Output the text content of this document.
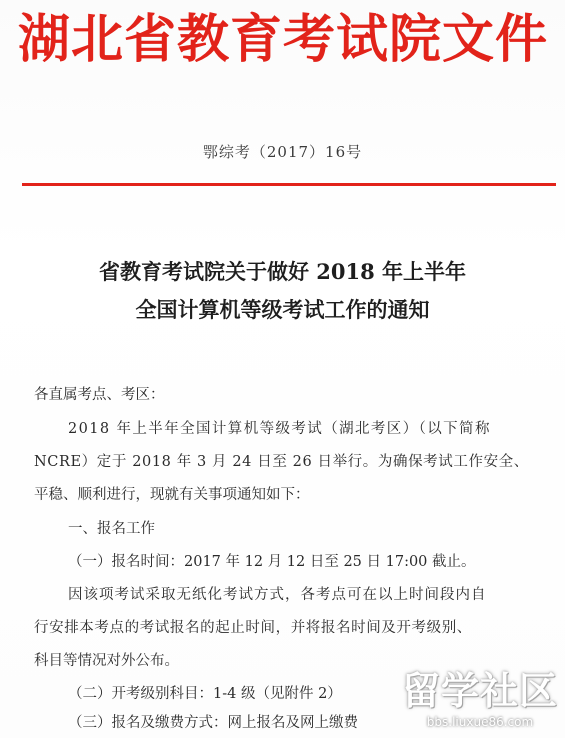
湖北省教育考试院文件
鄂综考（2017）16号
省教育考试院关于做好 2018 年上半年
全国计算机等级考试工作的通知
各直属考点、考区：
2018 年上半年全国计算机等级考试（湖北考区）（以下简称
NCRE）定于 2018 年 3 月 24 日至 26 日举行。为确保考试工作安全、
平稳、顺利进行，现就有关事项通知如下：
一、报名工作
（一）报名时间：2017 年 12 月 12 日至 25 日 17:00 截止。
因该项考试采取无纸化考试方式，各考点可在以上时间段内自
行安排本考点的考试报名的起止时间，并将报名时间及开考级别、
科目等情况对外公布。
（二）开考级别科目：1-4 级（见附件 2）
（三）报名及缴费方式：网上报名及网上缴费
留学社区
bbs.liuxue86.com
